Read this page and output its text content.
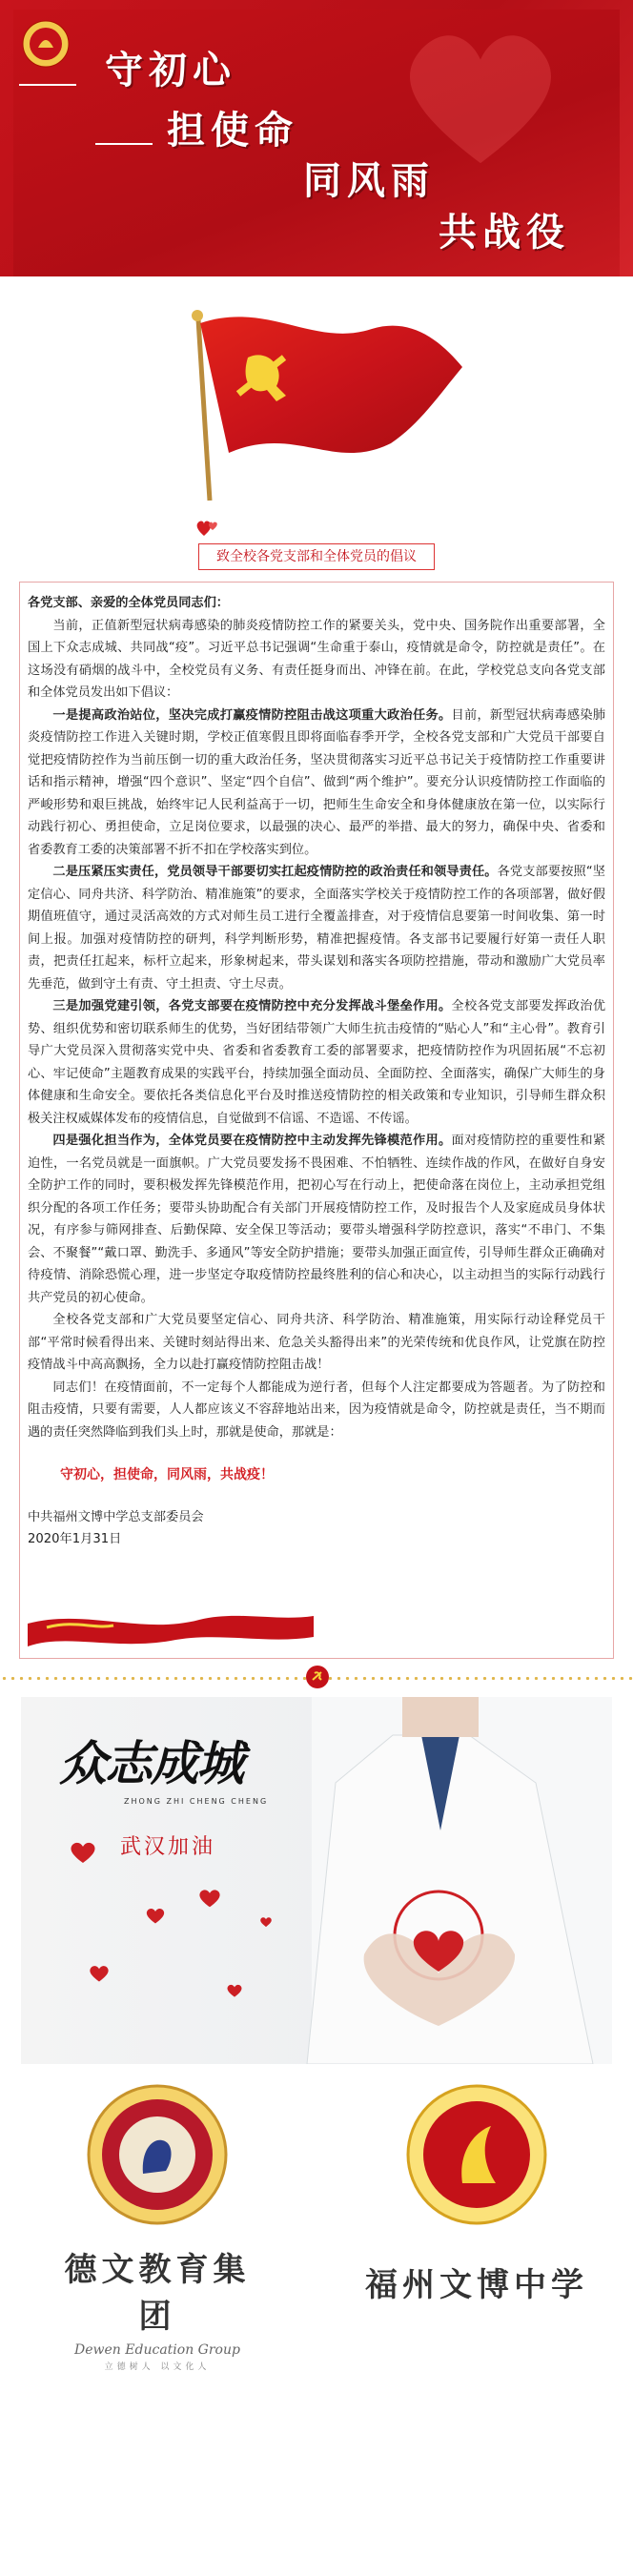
守初心
担使命
同风雨
共战役
致全校各党支部和全体党员的倡议

各党支部、亲爱的全体党员同志们：

当前，正值新型冠状病毒感染的肺炎疫情防控工作的紧要关头，党中央、国务院作出重要部署，全国上下众志成城、共同战“疫”。习近平总书记强调“生命重于泰山，疫情就是命令，防控就是责任”。在这场没有硝烟的战斗中，全校党员有义务、有责任挺身而出、冲锋在前。在此，学校党总支向各党支部和全体党员发出如下倡议：

一是提高政治站位，坚决完成打赢疫情防控阻击战这项重大政治任务。目前，新型冠状病毒感染肺炎疫情防控工作进入关键时期，学校正值寒假且即将面临春季开学，全校各党支部和广大党员干部要自觉把疫情防控作为当前压倒一切的重大政治任务，坚决贯彻落实习近平总书记关于疫情防控工作重要讲话和指示精神，增强“四个意识”、坚定“四个自信”、做到“两个维护”。要充分认识疫情防控工作面临的严峻形势和艰巨挑战，始终牢记人民利益高于一切，把师生生命安全和身体健康放在第一位，以实际行动践行初心、勇担使命，立足岗位要求，以最强的决心、最严的举措、最大的努力，确保中央、省委和省委教育工委的决策部署不折不扣在学校落实到位。

二是压紧压实责任，党员领导干部要切实扛起疫情防控的政治责任和领导责任。各党支部要按照“坚定信心、同舟共济、科学防治、精准施策”的要求，全面落实学校关于疫情防控工作的各项部署，做好假期值班值守，通过灵活高效的方式对师生员工进行全覆盖排查，对于疫情信息要第一时间收集、第一时间上报。加强对疫情防控的研判，科学判断形势，精准把握疫情。各支部书记要履行好第一责任人职责，把责任扛起来，标杆立起来，形象树起来，带头谋划和落实各项防控措施，带动和激励广大党员率先垂范，做到守土有责、守土担责、守土尽责。

三是加强党建引领，各党支部要在疫情防控中充分发挥战斗堡垒作用。全校各党支部要发挥政治优势、组织优势和密切联系师生的优势，当好团结带领广大师生抗击疫情的“贴心人”和“主心骨”。教育引导广大党员深入贯彻落实党中央、省委和省委教育工委的部署要求，把疫情防控作为巩固拓展“不忘初心、牢记使命”主题教育成果的实践平台，持续加强全面动员、全面防控、全面落实，确保广大师生的身体健康和生命安全。要依托各类信息化平台及时推送疫情防控的相关政策和专业知识，引导师生群众积极关注权威媒体发布的疫情信息，自觉做到不信谣、不造谣、不传谣。

四是强化担当作为，全体党员要在疫情防控中主动发挥先锋模范作用。面对疫情防控的重要性和紧迫性，一名党员就是一面旗帜。广大党员要发扬不畏困难、不怕牺牲、连续作战的作风，在做好自身安全防护工作的同时，要积极发挥先锋模范作用，把初心写在行动上，把使命落在岗位上，主动承担党组织分配的各项工作任务；要带头协助配合有关部门开展疫情防控工作，及时报告个人及家庭成员身体状况，有序参与筛网排查、后勤保障、安全保卫等活动；要带头增强科学防控意识，落实“不串门、不集会、不聚餐”“戴口罩、勤洗手、多通风”等安全防护措施；要带头加强正面宣传，引导师生群众正确确对待疫情、消除恐慌心理，进一步坚定夺取疫情防控最终胜利的信心和决心，以主动担当的实际行动践行共产党员的初心使命。

全校各党支部和广大党员要坚定信心、同舟共济、科学防治、精准施策，用实际行动诠释党员干部“平常时候看得出来、关键时刻站得出来、危急关头豁得出来”的光荣传统和优良作风，让党旗在防控疫情战斗中高高飘扬，全力以赴打赢疫情防控阻击战！

同志们！在疫情面前，不一定每个人都能成为逆行者，但每个人注定都要成为答题者。为了防控和阻击疫情，只要有需要，人人都应该义不容辞地站出来，因为疫情就是命令，防控就是责任，当不期而遇的责任突然降临到我们头上时，那就是使命，那就是：

守初心，担使命，同风雨，共战疫！

中共福州文博中学总支部委员会

2020年1月31日

众志成城
ZHONG ZHI CHENG CHENG
武汉加油
德文教育集团
Dewen Education Group
立德树人 以文化人
福州文博中学
